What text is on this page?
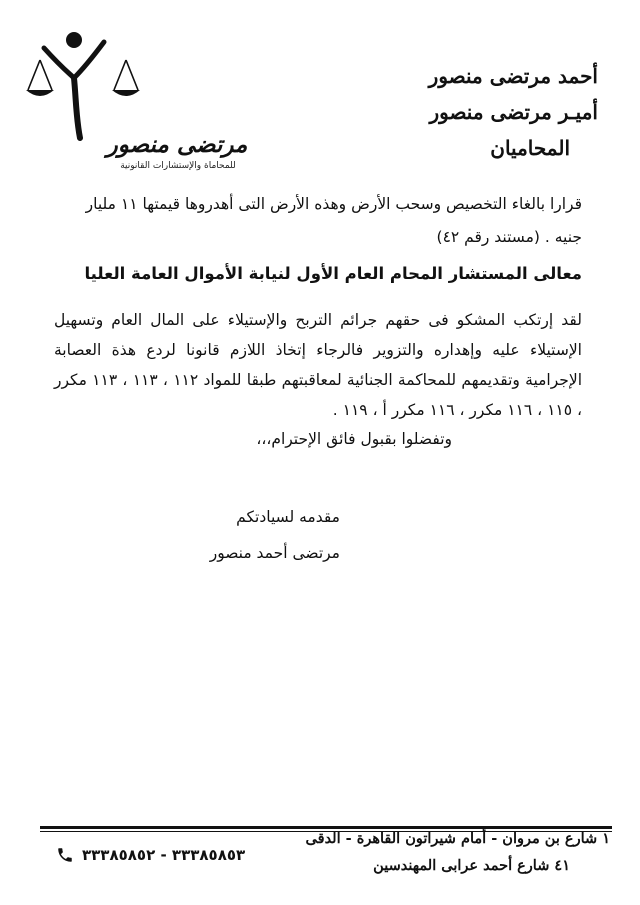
مرتضى منصور
للمحاماة والإستشارات القانونية
أحمد مرتضى منصور
أميـر مرتضى منصور
المحاميان
قرارا بالغاء التخصيص وسحب الأرض وهذه الأرض التى أهدروها قيمتها ١١ مليار جنيه . (مستند رقم ٤٢)
معالى المستشار المحام العام الأول لنيابة الأموال العامة العليا
لقد إرتكب المشكو فى حقهم جرائم التربح والإستيلاء على المال العام وتسهيل الإستيلاء عليه وإهداره والتزوير فالرجاء إتخاذ اللازم قانونا لردع هذة العصابة الإجرامية وتقديمهم للمحاكمة الجنائية لمعاقبتهم طبقا للمواد ١١٢ ، ١١٣ ، ١١٣ مكرر ، ١١٥ ، ١١٦ مكرر ، ١١٦ مكرر أ ، ١١٩ .
وتفضلوا بقبول فائق الإحترام،،،
مقدمه لسيادتكم
مرتضى أحمد منصور
١ شارع بن مروان - أمام شيراتون القاهرة - الدقى
٤١ شارع أحمد عرابى المهندسين
٣٣٣٨٥٨٥٣ - ٣٣٣٨٥٨٥٢
